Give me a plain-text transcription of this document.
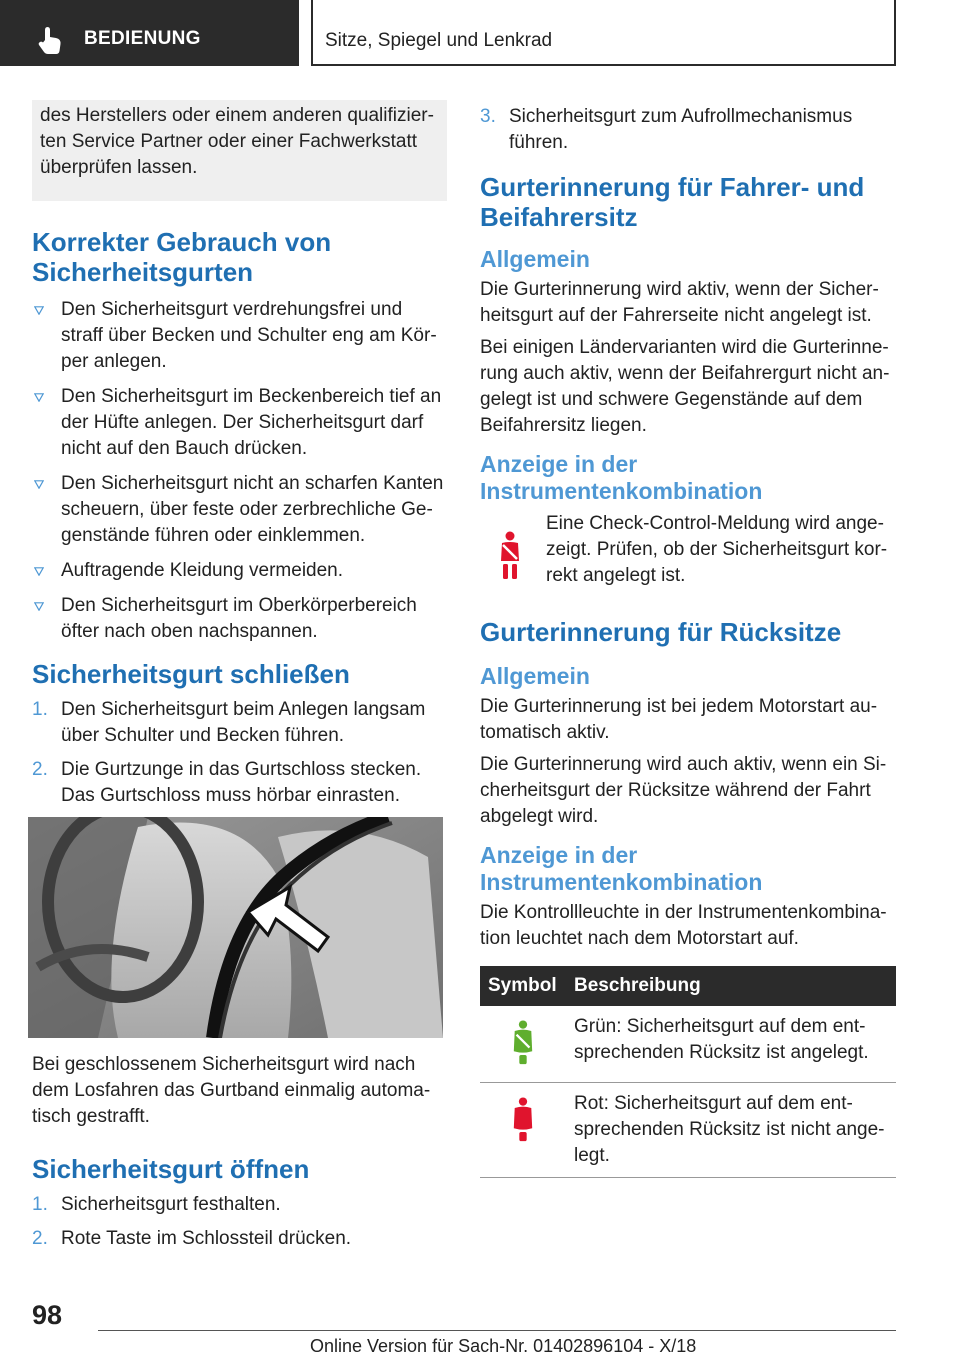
BEDIENUNG	Sitze, Spiegel und Lenkrad

des Herstellers oder einem anderen qualifizierten Service Partner oder einer Fachwerkstatt überprüfen lassen.

Korrekter Gebrauch von Sicherheitsgurten
Den Sicherheitsgurt verdrehungsfrei und straff über Becken und Schulter eng am Körper anlegen.
Den Sicherheitsgurt im Beckenbereich tief an der Hüfte anlegen. Der Sicherheitsgurt darf nicht auf den Bauch drücken.
Den Sicherheitsgurt nicht an scharfen Kanten scheuern, über feste oder zerbrechliche Gegenstände führen oder einklemmen.
Auftragende Kleidung vermeiden.
Den Sicherheitsgurt im Oberkörperbereich öfter nach oben nachspannen.
Sicherheitsgurt schließen
1. Den Sicherheitsgurt beim Anlegen langsam über Schulter und Becken führen.
2. Die Gurtzunge in das Gurtschloss stecken. Das Gurtschloss muss hörbar einrasten.

Bei geschlossenem Sicherheitsgurt wird nach dem Losfahren das Gurtband einmalig automatisch gestrafft.

Sicherheitsgurt öffnen
1. Sicherheitsgurt festhalten.
2. Rote Taste im Schlossteil drücken.
3. Sicherheitsgurt zum Aufrollmechanismus führen.
Gurterinnerung für Fahrer- und Beifahrersitz
Allgemein

Die Gurterinnerung wird aktiv, wenn der Sicherheitsgurt auf der Fahrerseite nicht angelegt ist.

Bei einigen Ländervarianten wird die Gurterinnerung auch aktiv, wenn der Beifahrergurt nicht angelegt ist und schwere Gegenstände auf dem Beifahrersitz liegen.

Anzeige in der Instrumentenkombination

Eine Check-Control-Meldung wird angezeigt. Prüfen, ob der Sicherheitsgurt korrekt angelegt ist.

Gurterinnerung für Rücksitze
Allgemein

Die Gurterinnerung ist bei jedem Motorstart automatisch aktiv.

Die Gurterinnerung wird auch aktiv, wenn ein Sicherheitsgurt der Rücksitze während der Fahrt abgelegt wird.

Anzeige in der Instrumentenkombination

Die Kontrollleuchte in der Instrumentenkombination leuchtet nach dem Motorstart auf.

Symbol	Beschreibung
	Grün: Sicherheitsgurt auf dem entsprechenden Rücksitz ist angelegt.
	Rot: Sicherheitsgurt auf dem entsprechenden Rücksitz ist nicht angelegt.
98
Online Version für Sach-Nr. 01402896104 - X/18
